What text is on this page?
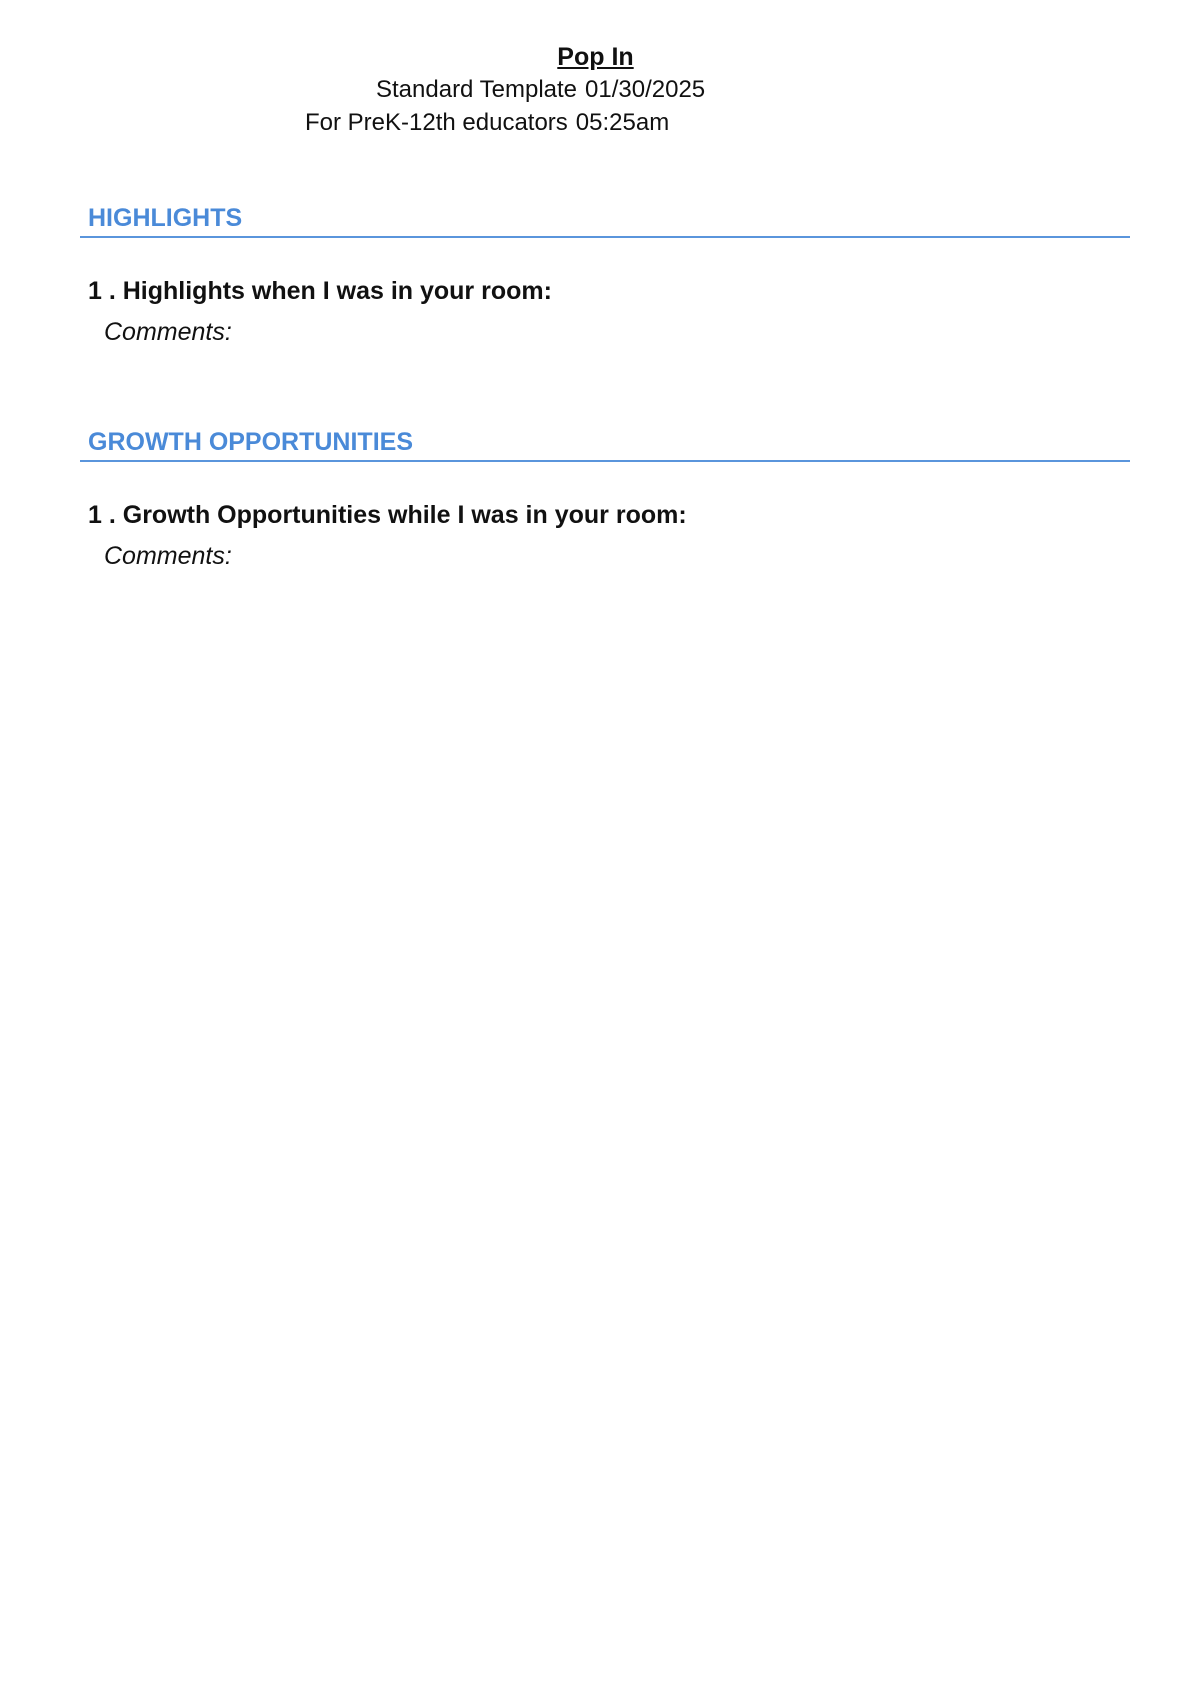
Pop In
Standard Template 01/30/2025
For PreK-12th educators 05:25am
HIGHLIGHTS
1 . Highlights when I was in your room:
Comments:
GROWTH OPPORTUNITIES
1 . Growth Opportunities while I was in your room:
Comments:
